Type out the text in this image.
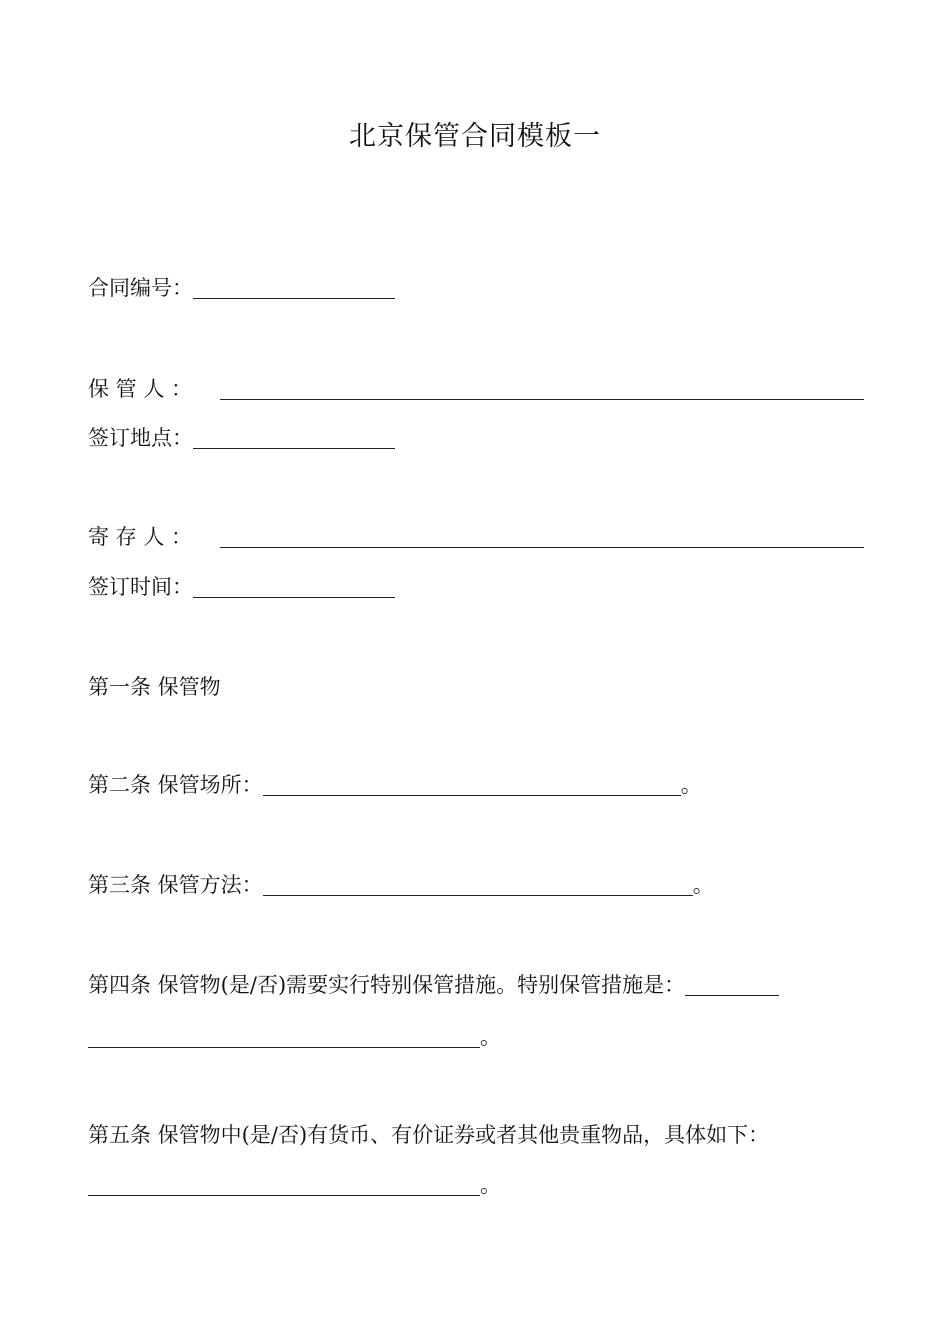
北京保管合同模板一
合同编号：
保 管 人 ：
签订地点：
寄 存 人 ：
签订时间：
第一条 保管物
第二条 保管场所：	。
第三条 保管方法：	。
第四条 保管物(是/否)需要实行特别保管措施。特别保管措施是：
。
第五条 保管物中(是/否)有货币、有价证券或者其他贵重物品，具体如下：
。
